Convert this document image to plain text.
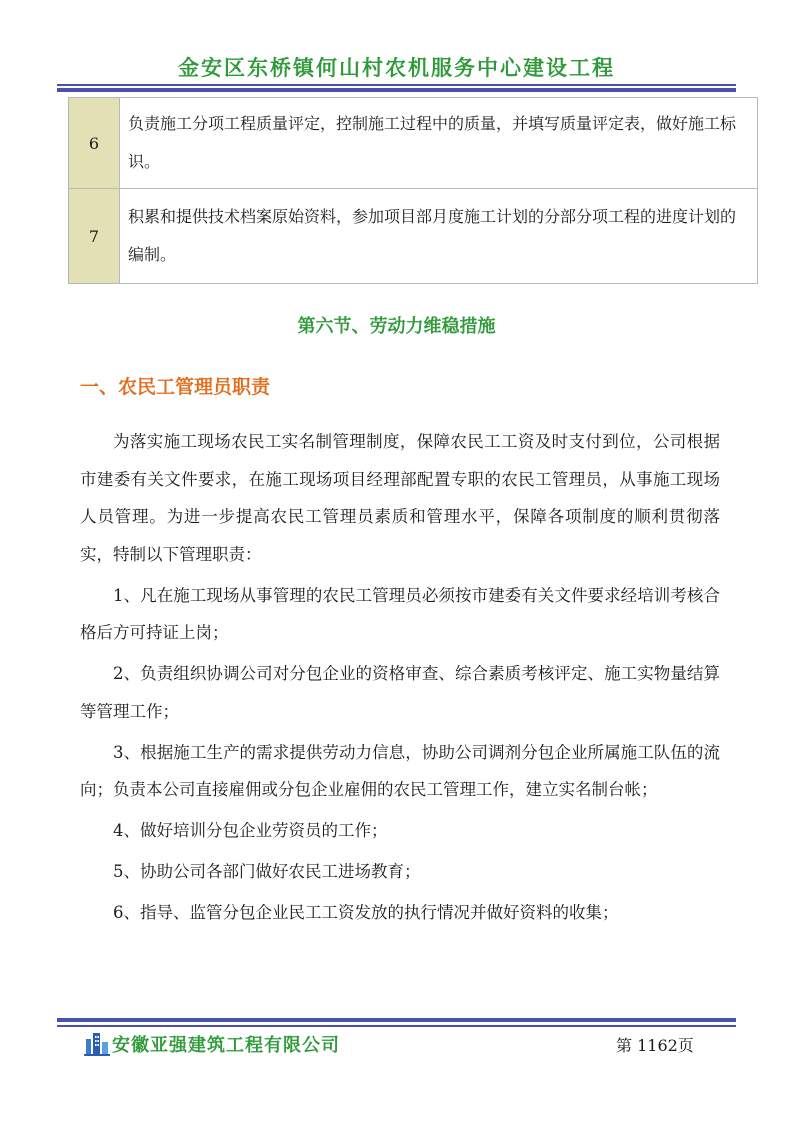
金安区东桥镇何山村农机服务中心建设工程
6	负责施工分项工程质量评定，控制施工过程中的质量，并填写质量评定表，做好施工标识。
7	积累和提供技术档案原始资料，参加项目部月度施工计划的分部分项工程的进度计划的编制。
第六节、劳动力维稳措施
一、农民工管理员职责

为落实施工现场农民工实名制管理制度，保障农民工工资及时支付到位，公司根据市建委有关文件要求，在施工现场项目经理部配置专职的农民工管理员，从事施工现场人员管理。为进一步提高农民工管理员素质和管理水平，保障各项制度的顺利贯彻落实，特制以下管理职责：

1、凡在施工现场从事管理的农民工管理员必须按市建委有关文件要求经培训考核合格后方可持证上岗；

2、负责组织协调公司对分包企业的资格审查、综合素质考核评定、施工实物量结算等管理工作；

3、根据施工生产的需求提供劳动力信息，协助公司调剂分包企业所属施工队伍的流向；负责本公司直接雇佣或分包企业雇佣的农民工管理工作，建立实名制台帐；

4、做好培训分包企业劳资员的工作；

5、协助公司各部门做好农民工进场教育；

6、指导、监管分包企业民工工资发放的执行情况并做好资料的收集；

安徽亚强建筑工程有限公司	第 1162页
